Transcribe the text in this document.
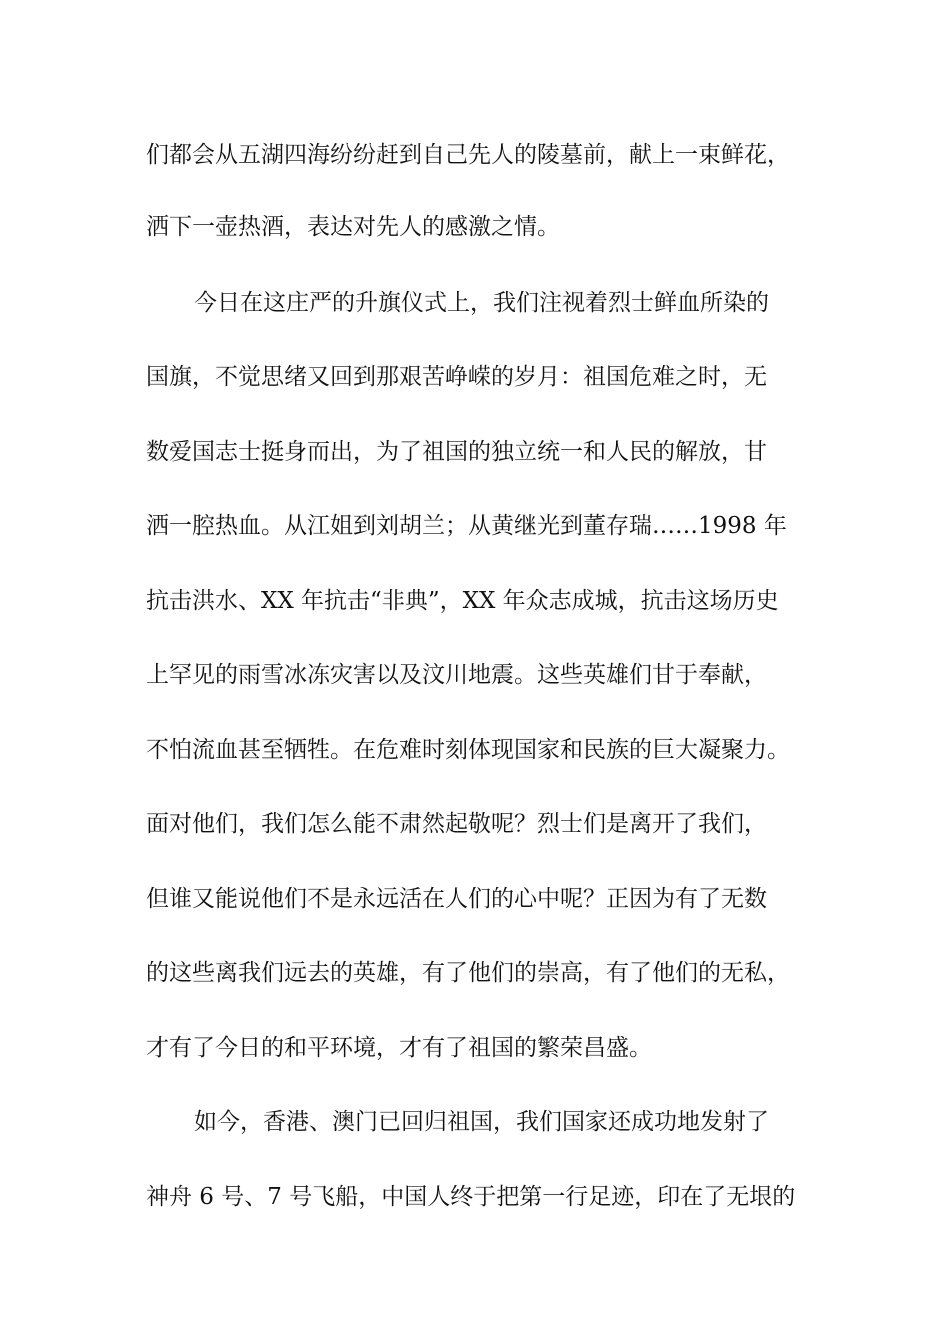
们都会从五湖四海纷纷赶到自己先人的陵墓前，献上一束鲜花，
洒下一壶热酒，表达对先人的感激之情。
今日在这庄严的升旗仪式上，我们注视着烈士鲜血所染的
国旗，不觉思绪又回到那艰苦峥嵘的岁月：祖国危难之时，无
数爱国志士挺身而出，为了祖国的独立统一和人民的解放，甘
洒一腔热血。从江姐到刘胡兰；从黄继光到董存瑞……1998 年
抗击洪水、XX 年抗击“非典”，XX 年众志成城，抗击这场历史
上罕见的雨雪冰冻灾害以及汶川地震。这些英雄们甘于奉献，
不怕流血甚至牺牲。在危难时刻体现国家和民族的巨大凝聚力。
面对他们，我们怎么能不肃然起敬呢？烈士们是离开了我们，
但谁又能说他们不是永远活在人们的心中呢？正因为有了无数
的这些离我们远去的英雄，有了他们的崇高，有了他们的无私，
才有了今日的和平环境，才有了祖国的繁荣昌盛。
如今，香港、澳门已回归祖国，我们国家还成功地发射了
神舟 6 号、7 号飞船，中国人终于把第一行足迹，印在了无垠的
